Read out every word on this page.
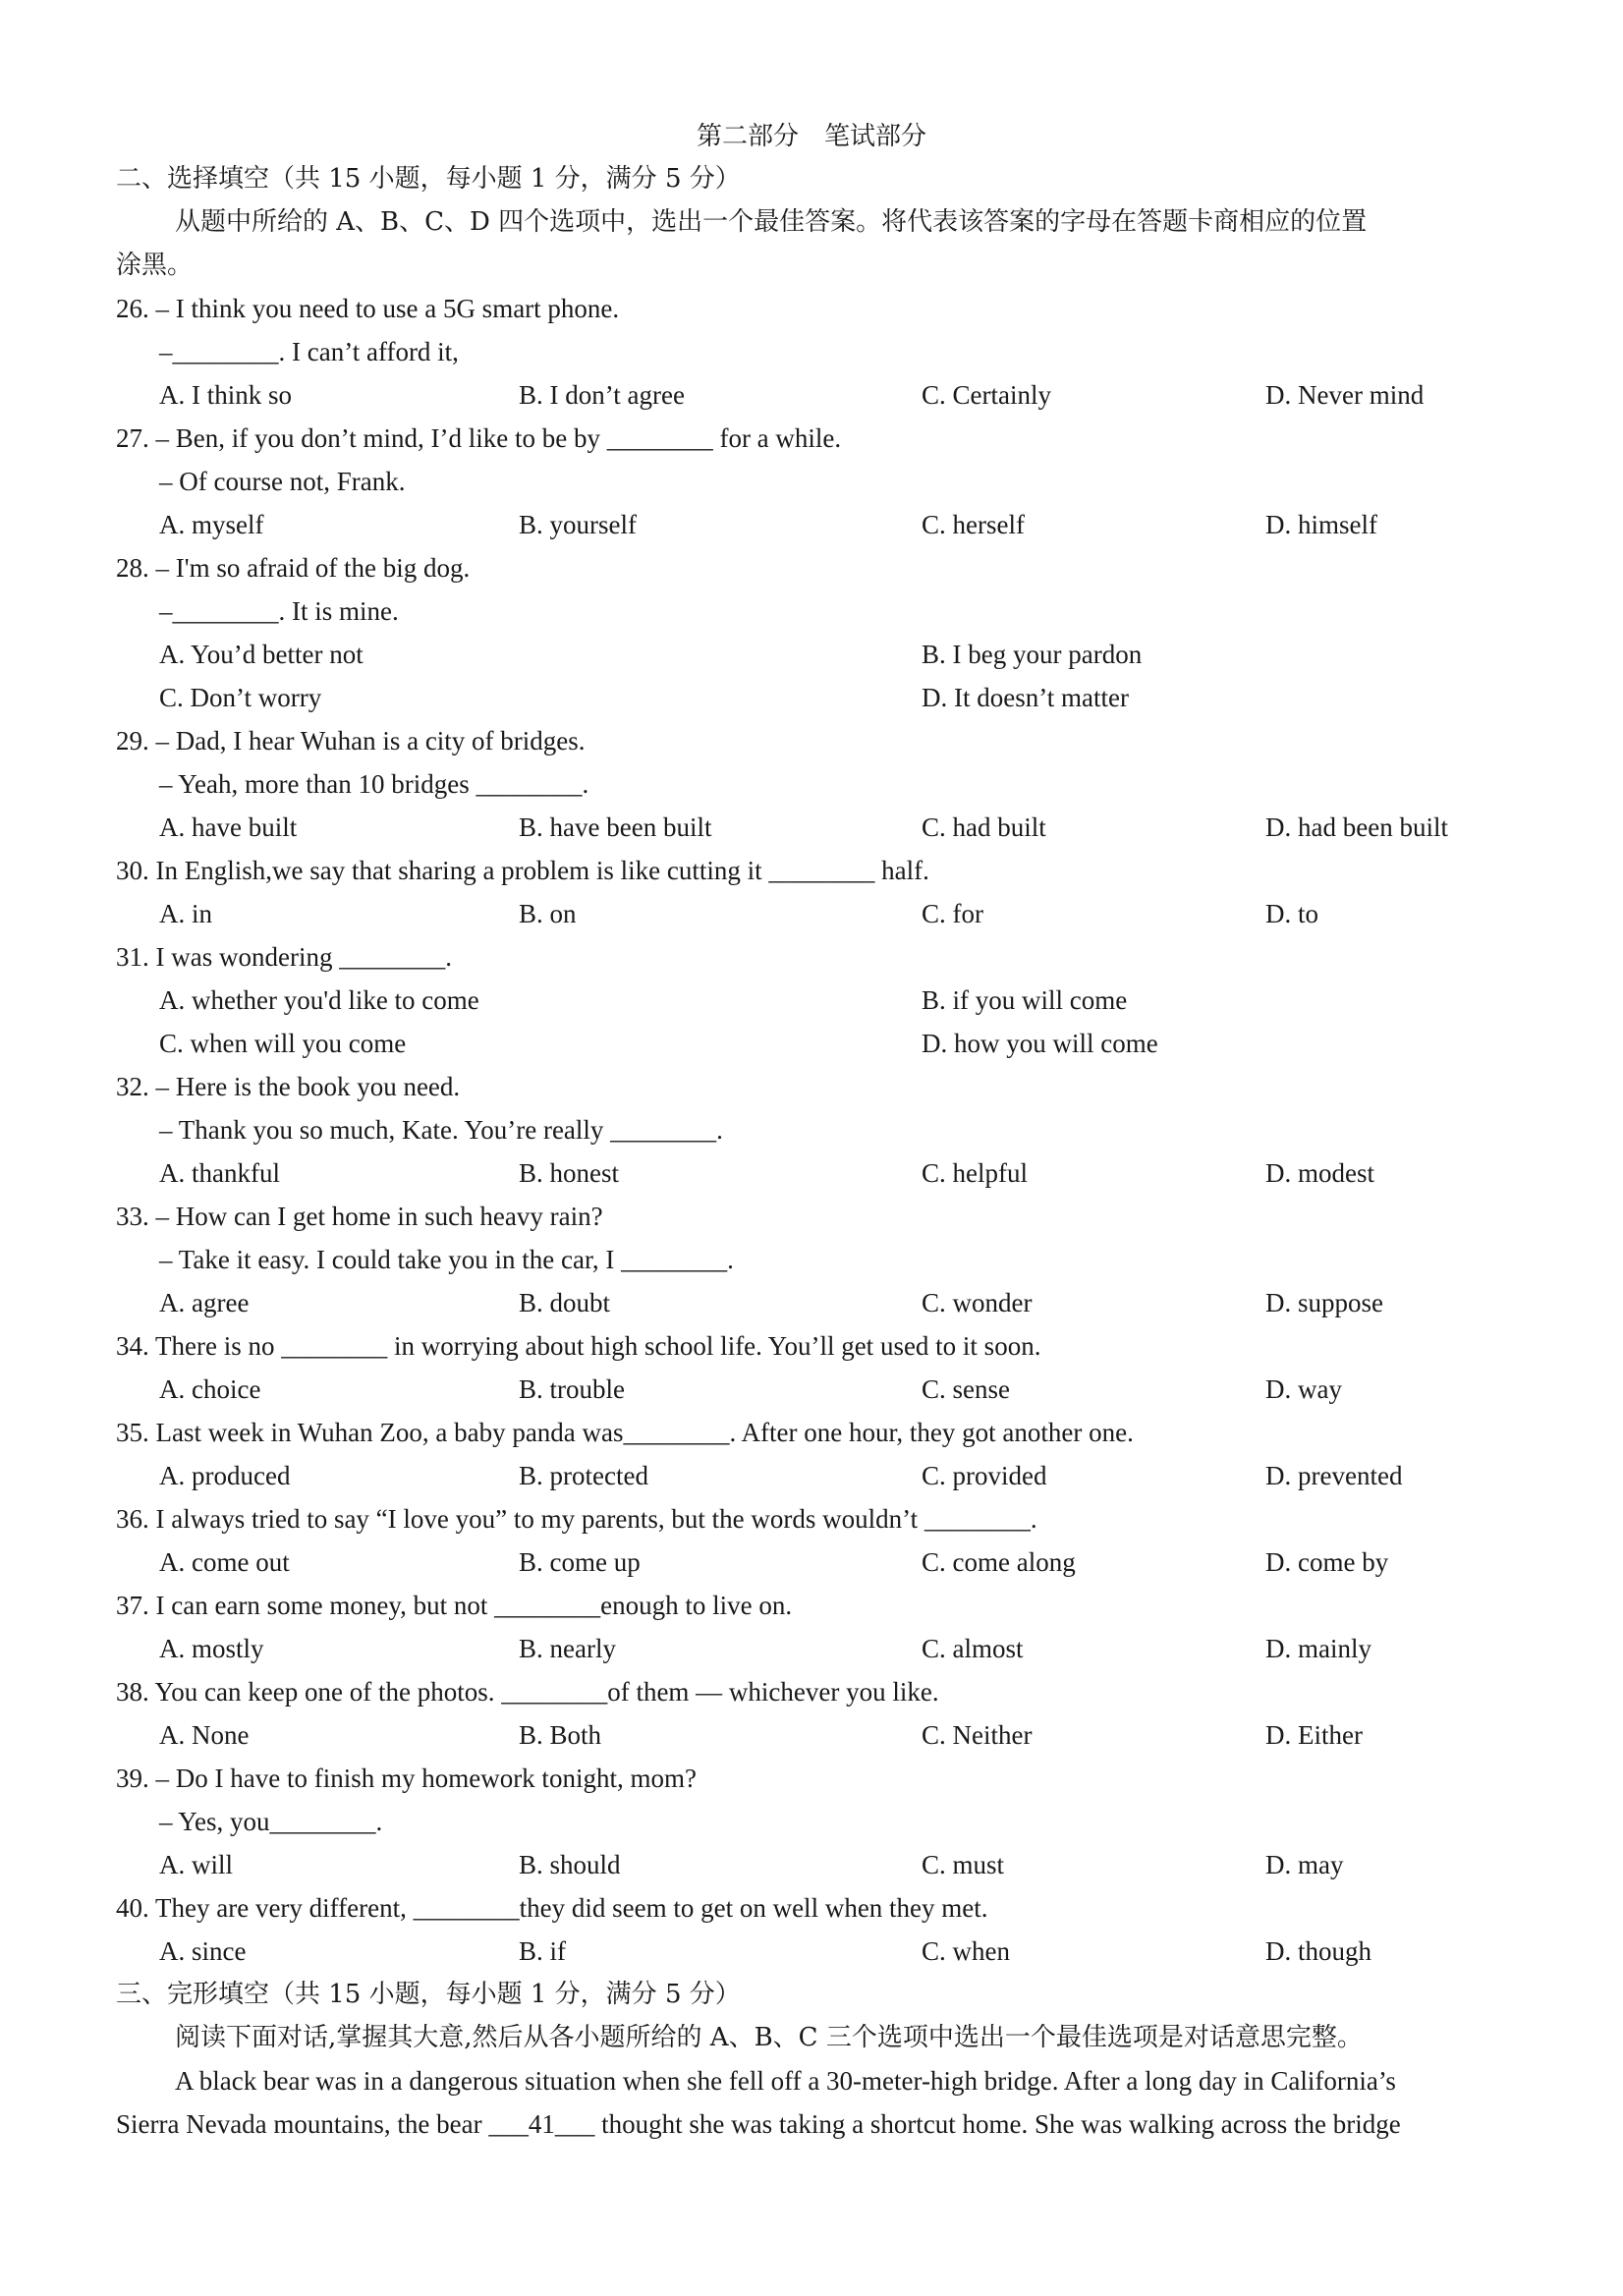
第二部分　笔试部分
二、选择填空（共 15 小题，每小题 1 分，满分 5 分）
从题中所给的 A、B、C、D 四个选项中，选出一个最佳答案。将代表该答案的字母在答题卡商相应的位置
涂黑。
26. – I think you need to use a 5G smart phone.
–________. I can’t afford it,
A. I think so	B. I don’t agree	C. Certainly	D. Never mind
27. – Ben, if you don’t mind, I’d like to be by ________ for a while.
– Of course not, Frank.
A. myself	B. yourself	C. herself	D. himself
28. – I'm so afraid of the big dog.
–________. It is mine.
A. You’d better not	B. I beg your pardon
C. Don’t worry	D. It doesn’t matter
29. – Dad, I hear Wuhan is a city of bridges.
– Yeah, more than 10 bridges ________.
A. have built	B. have been built	C. had built	D. had been built
30. In English,we say that sharing a problem is like cutting it ________ half.
A. in	B. on	C. for	D. to
31. I was wondering ________.
A. whether you'd like to come	B. if you will come
C. when will you come	D. how you will come
32. – Here is the book you need.
– Thank you so much, Kate. You’re really ________.
A. thankful	B. honest	C. helpful	D. modest
33. – How can I get home in such heavy rain?
– Take it easy. I could take you in the car, I ________.
A. agree	B. doubt	C. wonder	D. suppose
34. There is no ________ in worrying about high school life. You’ll get used to it soon.
A. choice	B. trouble	C. sense	D. way
35. Last week in Wuhan Zoo, a baby panda was________. After one hour, they got another one.
A. produced	B. protected	C. provided	D. prevented
36. I always tried to say “I love you” to my parents, but the words wouldn’t ________.
A. come out	B. come up	C. come along	D. come by
37. I can earn some money, but not ________enough to live on.
A. mostly	B. nearly	C. almost	D. mainly
38. You can keep one of the photos. ________of them — whichever you like.
A. None	B. Both	C. Neither	D. Either
39. – Do I have to finish my homework tonight, mom?
– Yes, you________.
A. will	B. should	C. must	D. may
40. They are very different, ________they did seem to get on well when they met.
A. since	B. if	C. when	D. though
三、完形填空（共 15 小题，每小题 1 分，满分 5 分）
阅读下面对话,掌握其大意,然后从各小题所给的 A、B、C 三个选项中选出一个最佳选项是对话意思完整。
A black bear was in a dangerous situation when she fell off a 30-meter-high bridge. After a long day in California’s
Sierra Nevada mountains, the bear ___41___ thought she was taking a shortcut home. She was walking across the bridge
